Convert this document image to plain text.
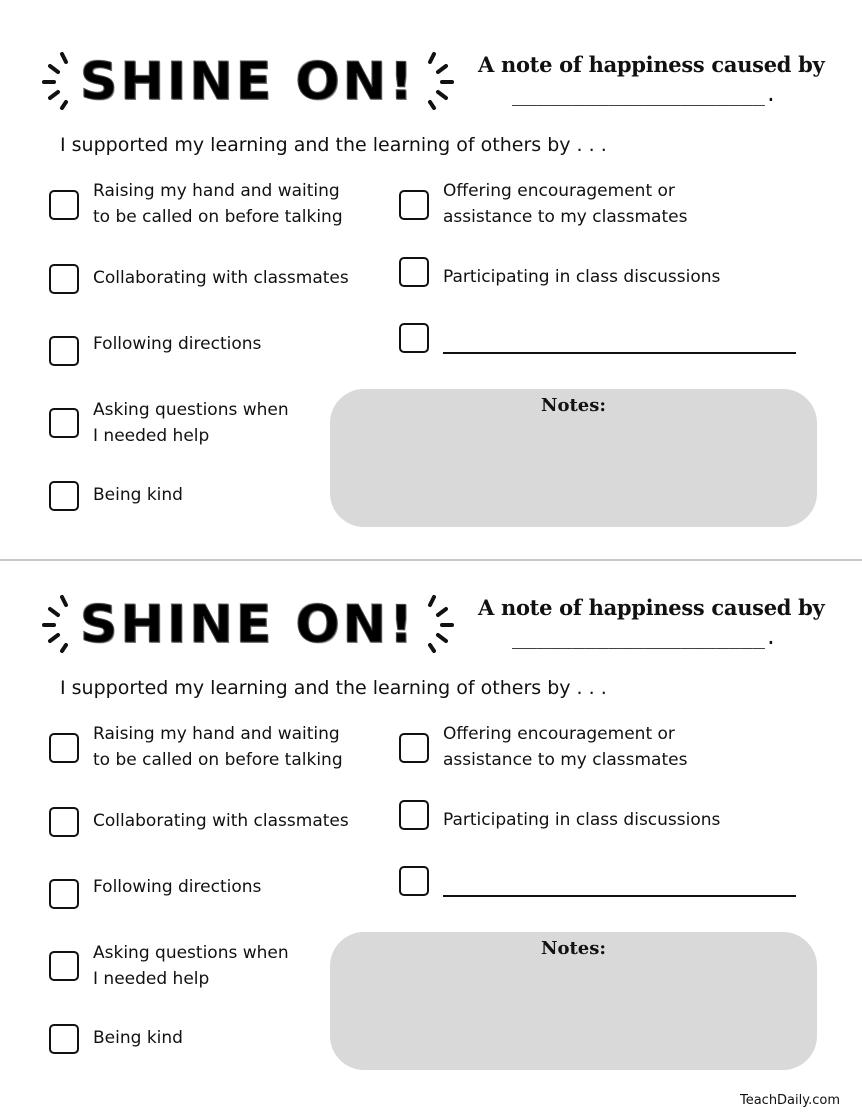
SHINE ON!	A note of happiness caused by
_____________________.
I supported my learning and the learning of others by . . .
Raising my hand and waiting
to be called on before talking
Collaborating with classmates
Following directions
Asking questions when
I needed help
Being kind
Offering encouragement or
assistance to my classmates
Participating in class discussions
Notes:
SHINE ON!	A note of happiness caused by
_____________________.
I supported my learning and the learning of others by . . .
Raising my hand and waiting
to be called on before talking
Collaborating with classmates
Following directions
Asking questions when
I needed help
Being kind
Offering encouragement or
assistance to my classmates
Participating in class discussions
Notes:
TeachDaily.com
